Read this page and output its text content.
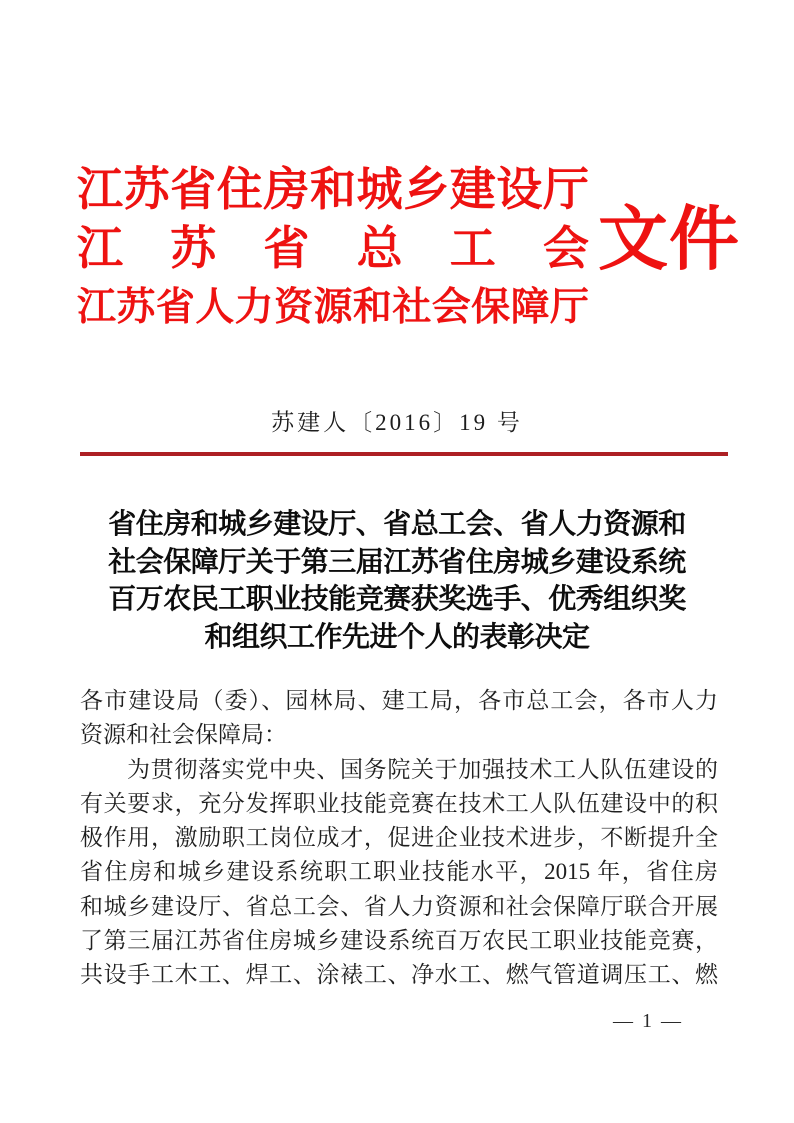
江苏省住房和城乡建设厅
江苏省总工会
江苏省人力资源和社会保障厅
文件
苏建人〔2016〕19 号
省住房和城乡建设厅、省总工会、省人力资源和
社会保障厅关于第三届江苏省住房城乡建设系统
百万农民工职业技能竞赛获奖选手、优秀组织奖
和组织工作先进个人的表彰决定
各市建设局（委）、园林局、建工局，各市总工会，各市人力
资源和社会保障局：
为贯彻落实党中央、国务院关于加强技术工人队伍建设的
有关要求，充分发挥职业技能竞赛在技术工人队伍建设中的积
极作用，激励职工岗位成才，促进企业技术进步，不断提升全
省住房和城乡建设系统职工职业技能水平，2015 年，省住房
和城乡建设厅、省总工会、省人力资源和社会保障厅联合开展
了第三届江苏省住房城乡建设系统百万农民工职业技能竞赛，
共设手工木工、焊工、涂裱工、净水工、燃气管道调压工、燃
— 1 —
